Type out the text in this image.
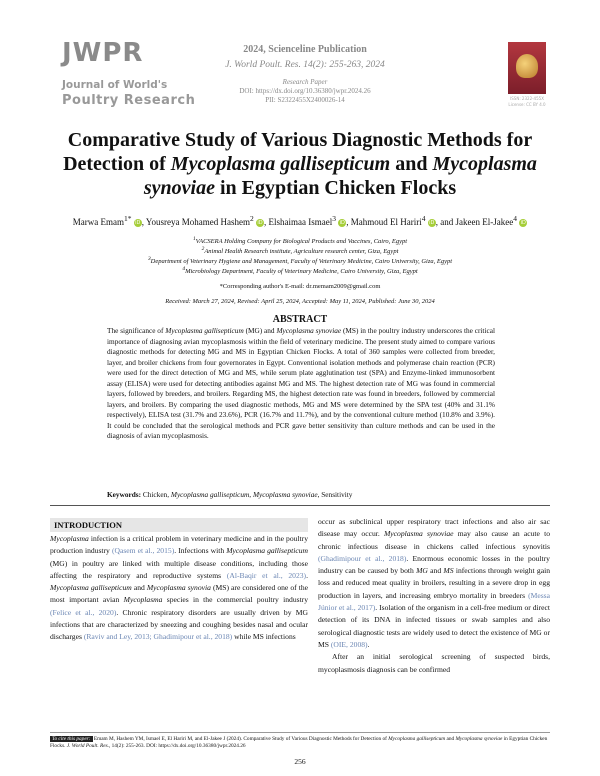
JWPR
Journal of World's
Poultry Research
2024, Scienceline Publication
J. World Poult. Res. 14(2): 255-263, 2024
Research Paper
DOI: https://dx.doi.org/10.36380/jwpr.2024.26
PII: S2322455X2400026-14	ISSN: 2322-455X
License: CC BY 4.0
Comparative Study of Various Diagnostic Methods for
Detection of Mycoplasma gallisepticum and Mycoplasma
synoviae in Egyptian Chicken Flocks
Marwa Emam$^{1*}$ iD, Yousreya Mohamed Hashem$^2$ iD, Elshaimaa Ismael$^3$ iD, Mahmoud El Hariri$^4$ iD, and Jakeen El-Jakee$^4$ iD
$^1$VACSERA Holding Company for Biological Products and Vaccines, Cairo, Egypt
$^2$Animal Health Research institute, Agriculture research center, Giza, Egypt
$^3$Department of Veterinary Hygiene and Management, Faculty of Veterinary Medicine, Cairo University, Giza, Egypt
$^4$Microbiology Department, Faculty of Veterinary Medicine, Cairo University, Giza, Egypt
*Corresponding author's E-mail: dr.memam2009@gmail.com
Received: March 27, 2024, Revised: April 25, 2024, Accepted: May 11, 2024, Published: June 30, 2024
ABSTRACT
The significance of Mycoplasma gallisepticum (MG) and Mycoplasma synoviae (MS) in the poultry industry underscores the critical importance of diagnosing avian mycoplasmosis within the field of veterinary medicine. The present study aimed to compare various diagnostic methods for detecting MG and MS in Egyptian Chicken Flocks. A total of 360 samples were collected from breeder, layer, and broiler chickens from four governorates in Egypt. Conventional isolation methods and polymerase chain reaction (PCR) were used for the direct detection of MG and MS, while serum plate agglutination test (SPA) and Enzyme-linked immunosorbent assay (ELISA) were used for detecting antibodies against MG and MS. The highest detection rate of MG was found in commercial layers, followed by breeders, and broilers. Regarding MS, the highest detection rate was found in breeders, followed by commercial layers, and broilers. By comparing the used diagnostic methods, MG and MS were determined by the SPA test (40% and 31.1% respectively), ELISA test (31.7% and 23.6%), PCR (16.7% and 11.7%), and by the conventional culture method (10.8% and 3.9%). It could be concluded that the serological methods and PCR gave better sensitivity than culture methods and can be used in the diagnosis of avian mycoplasmosis.
Keywords: Chicken, Mycoplasma gallisepticum, Mycoplasma synoviae, Sensitivity
INTRODUCTION
Mycoplasma infection is a critical problem in veterinary medicine and in the poultry production industry (Qasem et al., 2015). Infections with Mycoplasma gallisepticum (MG) in poultry are linked with multiple disease conditions, including those affecting the respiratory and reproductive systems (Al-Baqir et al., 2023). Mycoplasma gallisepticum and Mycoplasma synovia (MS) are considered one of the most important avian Mycoplasma species in the commercial poultry industry (Felice et al., 2020). Chronic respiratory disorders are usually driven by MG infections that are characterized by sneezing and coughing besides nasal and ocular discharges (Raviv and Ley, 2013; Ghadimipour et al., 2018) while MS infections
occur as subclinical upper respiratory tract infections and also air sac disease may occur. Mycoplasma synoviae may also cause an acute to chronic infectious disease in chickens called infectious synovitis (Ghadimipour et al., 2018). Enormous economic losses in the poultry industry can be caused by both MG and MS infections through weight gain loss and reduced meat quality in broilers, resulting in a severe drop in egg production in layers, and increasing embryo mortality in breeders (Messa Júnior et al., 2017). Isolation of the organism in a cell-free medium or direct detection of its DNA in infected tissues or swab samples and also serological diagnostic tests are widely used to detect the existence of MG or MS (OIE, 2008).
After an initial serological screening of suspected birds, mycoplasmosis diagnosis can be confirmed
To cite this paper: Emam M, Hashem YM, Ismael E, El Hariri M, and El-Jakee J (2024). Comparative Study of Various Diagnostic Methods for Detection of Mycoplasma gallisepticum and Mycoplasma synoviae in Egyptian Chicken Flocks. J. World Poult. Res., 14(2): 255-263. DOI: https://dx.doi.org/10.36380/jwpr.2024.26
256
